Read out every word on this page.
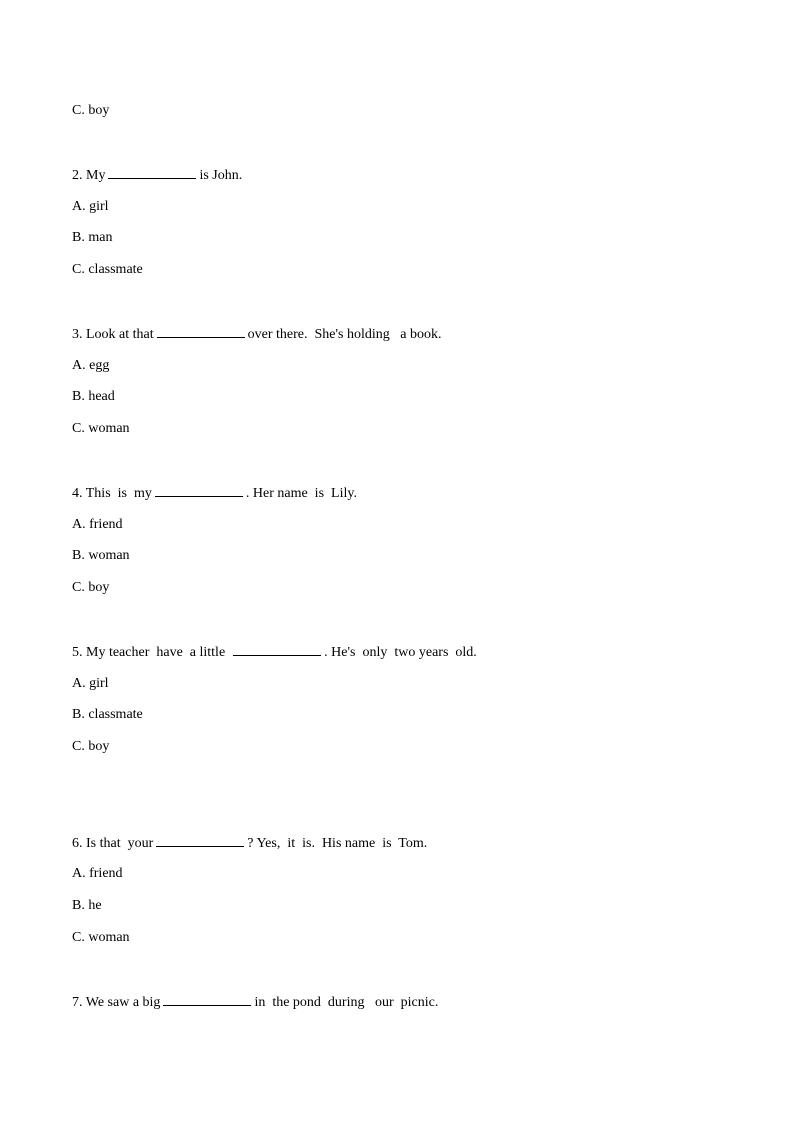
C. boy
2. My	is John.
A. girl
B. man
C. classmate
3. Look at that	over there.  She's holding   a book.
A. egg
B. head
C. woman
4. This  is  my	. Her name  is  Lily.
A. friend
B. woman
C. boy
5. My teacher  have  a little	. He's  only  two years  old.
A. girl
B. classmate
C. boy
6. Is that  your	? Yes,  it  is.  His name  is  Tom.
A. friend
B. he
C. woman
7. We saw a big	in  the pond  during   our  picnic.
